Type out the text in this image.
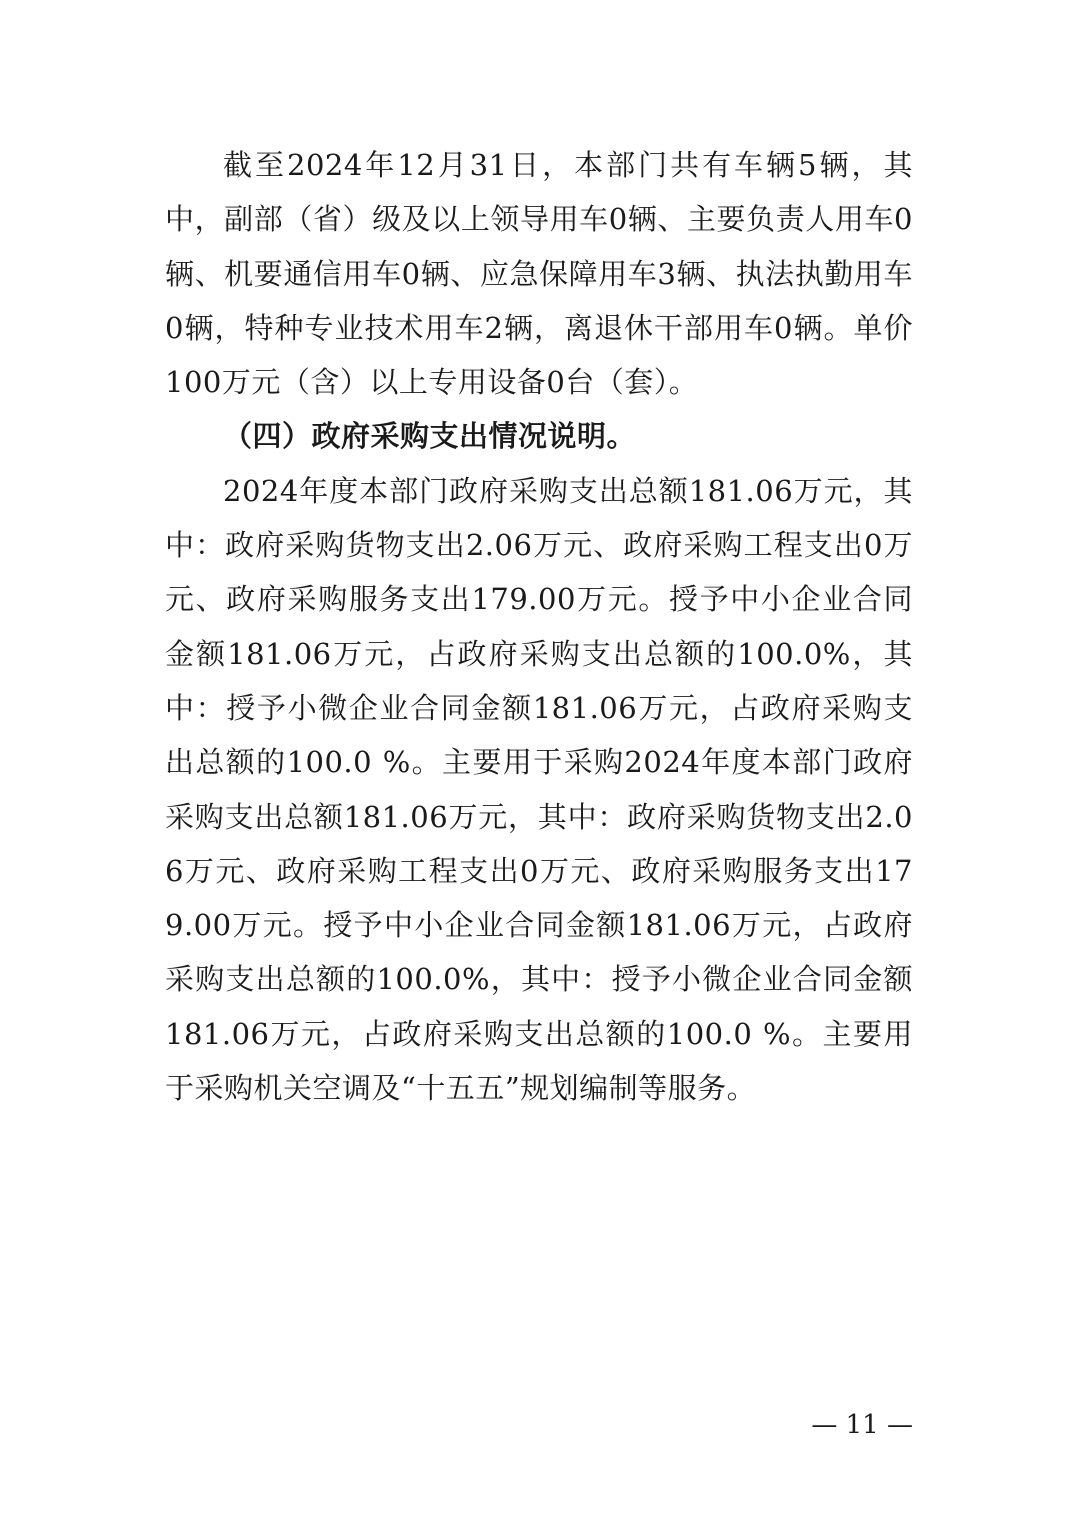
截至2024年12月31日，本部门共有车辆5辆，其中，副部（省）级及以上领导用车0辆、主要负责人用车0辆、机要通信用车0辆、应急保障用车3辆、执法执勤用车0辆，特种专业技术用车2辆，离退休干部用车0辆。单价100万元（含）以上专用设备0台（套）。

（四）政府采购支出情况说明。

2024年度本部门政府采购支出总额181.06万元，其中：政府采购货物支出2.06万元、政府采购工程支出0万元、政府采购服务支出179.00万元。授予中小企业合同金额181.06万元，占政府采购支出总额的100.0%，其中：授予小微企业合同金额181.06万元，占政府采购支出总额的100.0 %。主要用于采购2024年度本部门政府采购支出总额181.06万元，其中：政府采购货物支出2.06万元、政府采购工程支出0万元、政府采购服务支出179.00万元。授予中小企业合同金额181.06万元，占政府采购支出总额的100.0%，其中：授予小微企业合同金额181.06万元，占政府采购支出总额的100.0 %。主要用于采购机关空调及“十五五”规划编制等服务。

— 11 —
